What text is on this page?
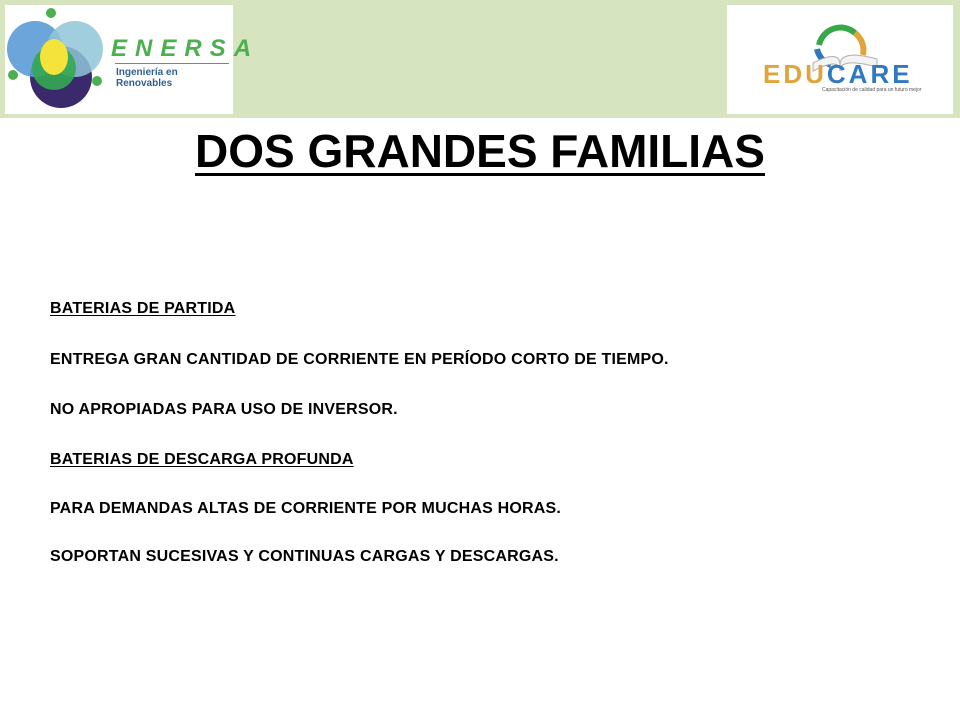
ENERSA
Ingeniería en Renovables	EDUCARE
Capacitación de calidad para un futuro mejor
DOS GRANDES FAMILIAS
BATERIAS DE PARTIDA
ENTREGA GRAN CANTIDAD DE CORRIENTE EN PERÍODO CORTO DE TIEMPO.
NO APROPIADAS PARA USO DE INVERSOR.
BATERIAS DE DESCARGA PROFUNDA
PARA DEMANDAS ALTAS DE CORRIENTE POR MUCHAS HORAS.
SOPORTAN SUCESIVAS Y CONTINUAS CARGAS Y DESCARGAS.
